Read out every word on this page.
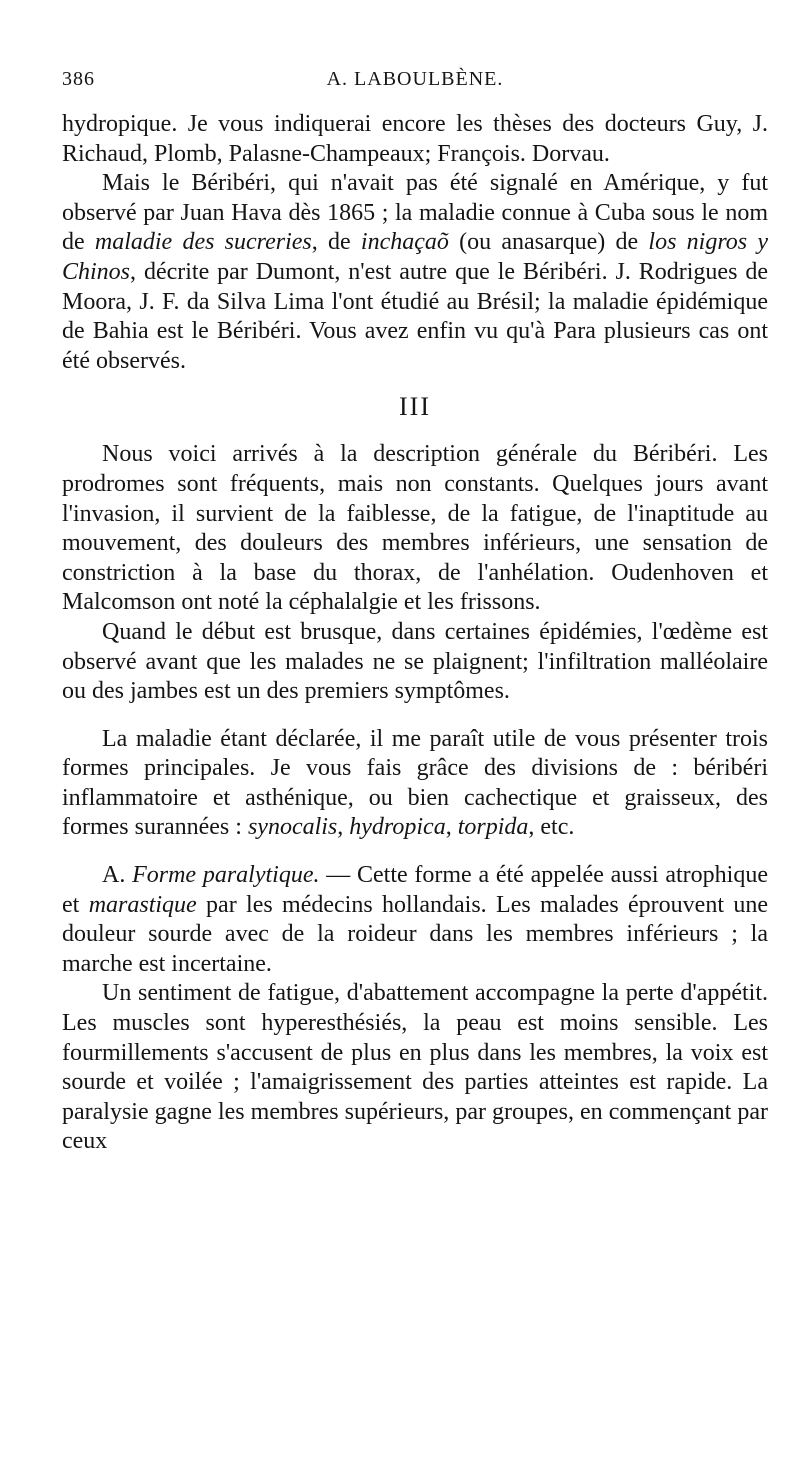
386	A. LABOULBÈNE.

hydropique. Je vous indiquerai encore les thèses des docteurs Guy, J. Richaud, Plomb, Palasne-Champeaux; François. Dorvau.

Mais le Béribéri, qui n'avait pas été signalé en Amérique, y fut observé par Juan Hava dès 1865 ; la maladie connue à Cuba sous le nom de maladie des sucreries, de inchaçaõ (ou anasarque) de los nigros y Chinos, décrite par Dumont, n'est autre que le Béribéri. J. Rodrigues de Moora, J. F. da Silva Lima l'ont étudié au Brésil; la maladie épidémique de Bahia est le Béribéri. Vous avez enfin vu qu'à Para plusieurs cas ont été observés.

III

Nous voici arrivés à la description générale du Béribéri. Les prodromes sont fréquents, mais non constants. Quelques jours avant l'invasion, il survient de la faiblesse, de la fatigue, de l'inaptitude au mouvement, des douleurs des membres inférieurs, une sensation de constriction à la base du thorax, de l'anhélation. Oudenhoven et Malcomson ont noté la céphalalgie et les frissons.

Quand le début est brusque, dans certaines épidémies, l'œdème est observé avant que les malades ne se plaignent; l'infiltration malléolaire ou des jambes est un des premiers symptômes.

La maladie étant déclarée, il me paraît utile de vous présenter trois formes principales. Je vous fais grâce des divisions de : béribéri inflammatoire et asthénique, ou bien cachectique et graisseux, des formes surannées : synocalis, hydropica, torpida, etc.

A. Forme paralytique. — Cette forme a été appelée aussi atrophique et marastique par les médecins hollandais. Les malades éprouvent une douleur sourde avec de la roideur dans les membres inférieurs ; la marche est incertaine.

Un sentiment de fatigue, d'abattement accompagne la perte d'appétit. Les muscles sont hyperesthésiés, la peau est moins sensible. Les fourmillements s'accusent de plus en plus dans les membres, la voix est sourde et voilée ; l'amaigrissement des parties atteintes est rapide. La paralysie gagne les membres supérieurs, par groupes, en commençant par ceux
